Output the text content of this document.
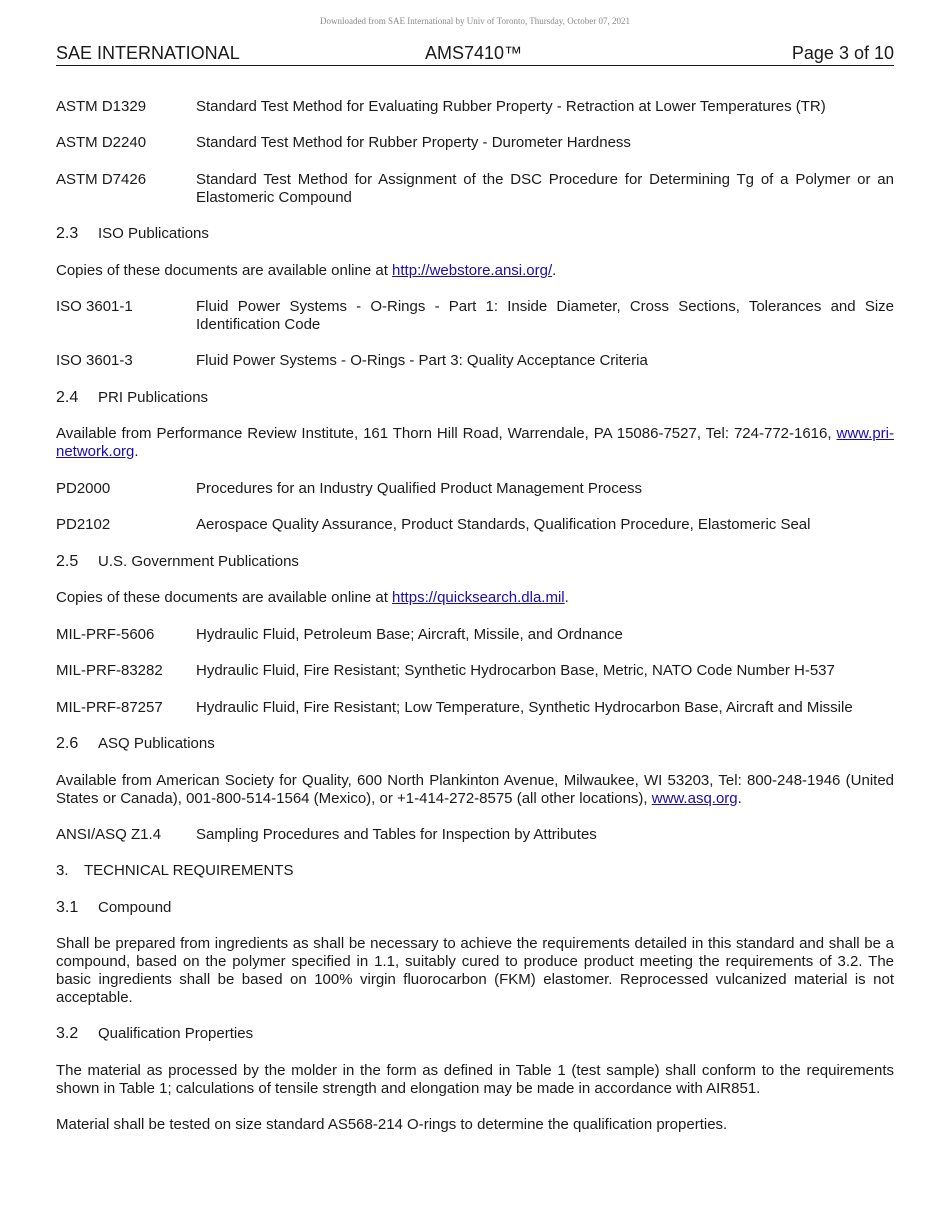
Downloaded from SAE International by Univ of Toronto, Thursday, October 07, 2021
SAE INTERNATIONAL	AMS7410™	Page 3 of 10
ASTM D1329	Standard Test Method for Evaluating Rubber Property - Retraction at Lower Temperatures (TR)
ASTM D2240	Standard Test Method for Rubber Property - Durometer Hardness
ASTM D7426	Standard Test Method for Assignment of the DSC Procedure for Determining Tg of a Polymer or an Elastomeric Compound
2.3 ISO Publications
Copies of these documents are available online at http://webstore.ansi.org/.
ISO 3601-1	Fluid Power Systems - O-Rings - Part 1: Inside Diameter, Cross Sections, Tolerances and Size Identification Code
ISO 3601-3	Fluid Power Systems - O-Rings - Part 3: Quality Acceptance Criteria
2.4 PRI Publications
Available from Performance Review Institute, 161 Thorn Hill Road, Warrendale, PA 15086-7527, Tel: 724-772-1616, www.pri-network.org.
PD2000	Procedures for an Industry Qualified Product Management Process
PD2102	Aerospace Quality Assurance, Product Standards, Qualification Procedure, Elastomeric Seal
2.5 U.S. Government Publications
Copies of these documents are available online at https://quicksearch.dla.mil.
MIL-PRF-5606	Hydraulic Fluid, Petroleum Base; Aircraft, Missile, and Ordnance
MIL-PRF-83282 Hydraulic Fluid, Fire Resistant; Synthetic Hydrocarbon Base, Metric, NATO Code Number H-537
MIL-PRF-87257 Hydraulic Fluid, Fire Resistant; Low Temperature, Synthetic Hydrocarbon Base, Aircraft and Missile
2.6 ASQ Publications
Available from American Society for Quality, 600 North Plankinton Avenue, Milwaukee, WI 53203, Tel: 800-248-1946 (United States or Canada), 001-800-514-1564 (Mexico), or +1-414-272-8575 (all other locations), www.asq.org.
ANSI/ASQ Z1.4 Sampling Procedures and Tables for Inspection by Attributes
3. TECHNICAL REQUIREMENTS
3.1 Compound
Shall be prepared from ingredients as shall be necessary to achieve the requirements detailed in this standard and shall be a compound, based on the polymer specified in 1.1, suitably cured to produce product meeting the requirements of 3.2. The basic ingredients shall be based on 100% virgin fluorocarbon (FKM) elastomer. Reprocessed vulcanized material is not acceptable.
3.2 Qualification Properties
The material as processed by the molder in the form as defined in Table 1 (test sample) shall conform to the requirements shown in Table 1; calculations of tensile strength and elongation may be made in accordance with AIR851.
Material shall be tested on size standard AS568-214 O-rings to determine the qualification properties.
